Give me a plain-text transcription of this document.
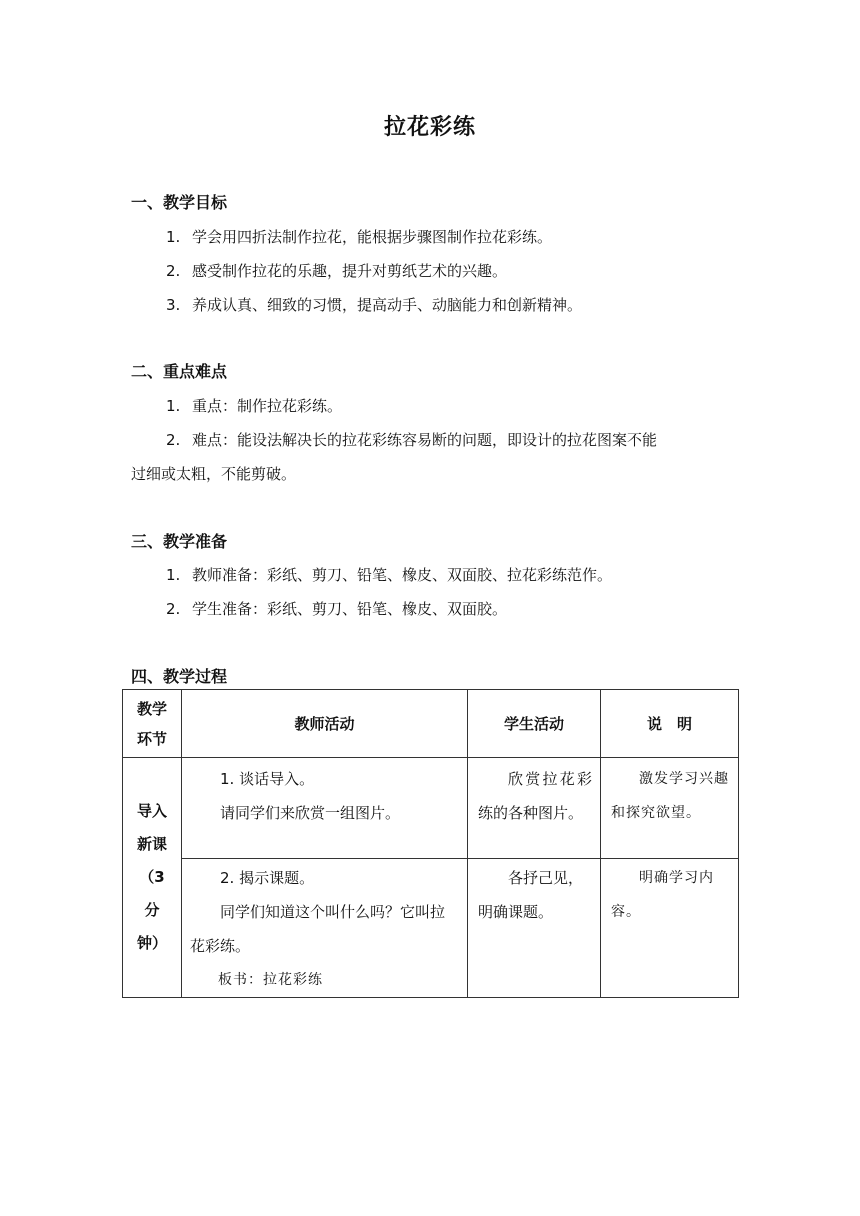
拉花彩练
一、教学目标
1. 学会用四折法制作拉花，能根据步骤图制作拉花彩练。
2. 感受制作拉花的乐趣，提升对剪纸艺术的兴趣。
3. 养成认真、细致的习惯，提高动手、动脑能力和创新精神。
二、重点难点
1. 重点：制作拉花彩练。
2. 难点：能设法解决长的拉花彩练容易断的问题，即设计的拉花图案不能
过细或太粗，不能剪破。
三、教学准备
1. 教师准备：彩纸、剪刀、铅笔、橡皮、双面胶、拉花彩练范作。
2. 学生准备：彩纸、剪刀、铅笔、橡皮、双面胶。
四、教学过程
教学环节	教师活动	学生活动	说　明

导入新课（3分钟）	1. 谈话导入。
请同学们来欣赏一组图片。	欣赏拉花彩练的各种图片。	激发学习兴趣和探究欲望。

	2. 揭示课题。
同学们知道这个叫什么吗？它叫拉花彩练。
板书：拉花彩练	各抒己见，明确课题。	明确学习内容。
